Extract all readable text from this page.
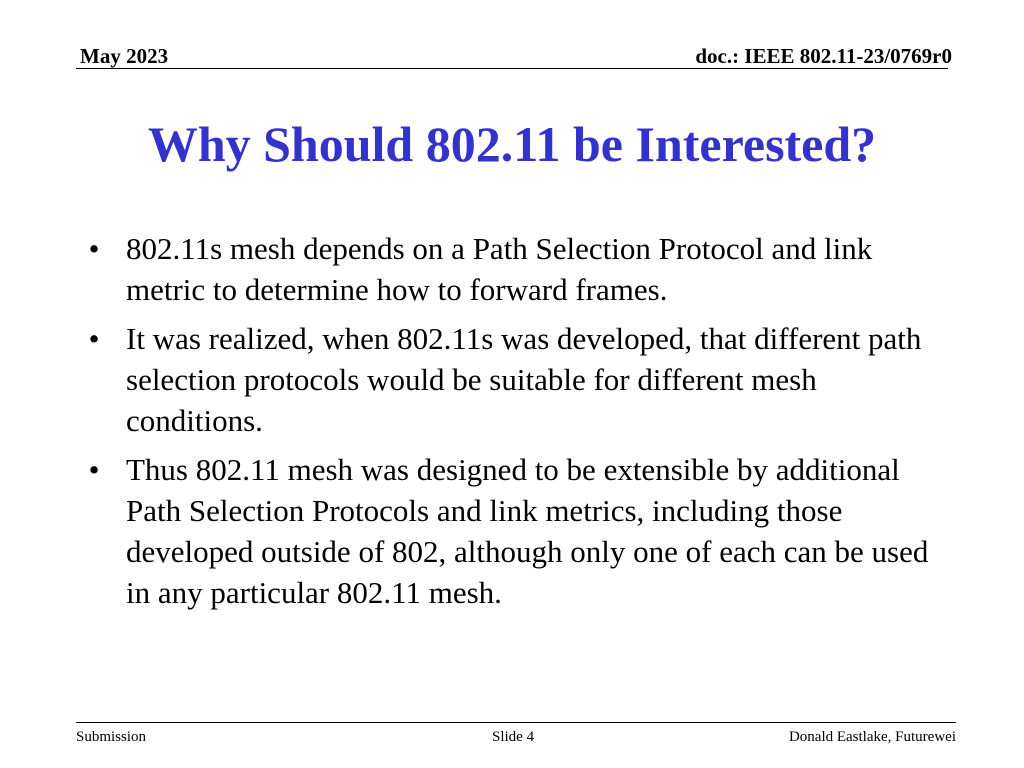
May 2023	doc.: IEEE 802.11-23/0769r0
Why Should 802.11 be Interested?
• 802.11s mesh depends on a Path Selection Protocol and link metric to determine how to forward frames.
• It was realized, when 802.11s was developed, that different path selection protocols would be suitable for different mesh conditions.
• Thus 802.11 mesh was designed to be extensible by additional Path Selection Protocols and link metrics, including those developed outside of 802, although only one of each can be used in any particular 802.11 mesh.
Submission	Slide 4	Donald Eastlake, Futurewei
